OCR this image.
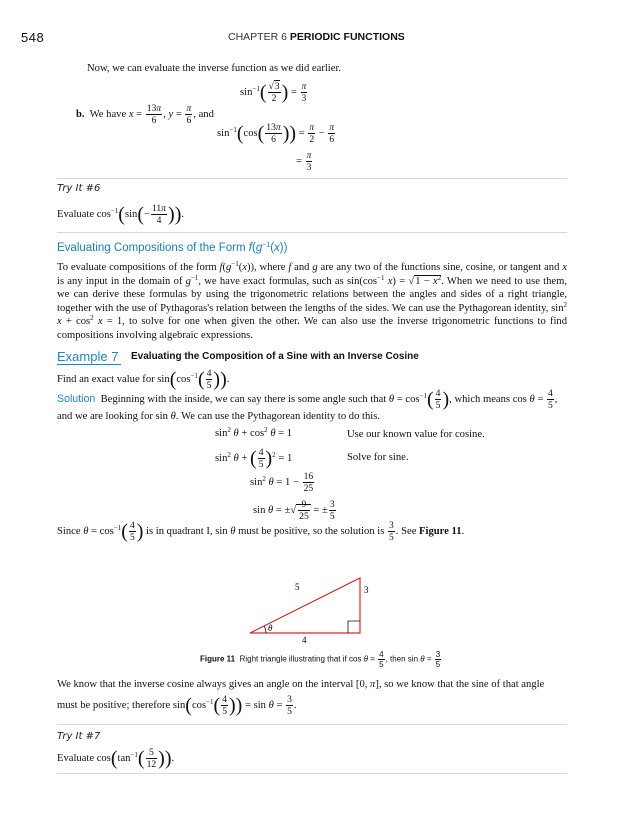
548	CHAPTER 6 PERIODIC FUNCTIONS
Now, we can evaluate the inverse function as we did earlier.
$\sin^{-1}( \frac{√3}{2}$ ) = $\frac{\pi}{3}$
b.  We have $x = \frac{13\pi}{6}$ , $y = \frac{\pi}{6}$ , and
$\sin^{-1}(\cos( \frac{13\pi}{6}$ )) = $\frac{\pi}{2} - \frac{\pi}{6}$
= $\frac{\pi}{3}$
Try It #6
Evaluate $\cos^{-1}(\sin(- \frac{11\pi}{4}$ )).
Evaluating Compositions of the Form $f(g^{-1}(x))$
To evaluate compositions of the form $f(g^{-1}(x))$, where f and g are any two of the functions sine, cosine, or tangent and x is any input in the domain of $g^{-1}$, we have exact formulas, such as $\sin(\cos^{-1}$ $x) = √1 - x^2$. When we need to use them, we can derive these formulas by using the trigonometric relations between the angles and sides of a right triangle, together with the use of Pythagoras's relation between the lengths of the sides. We can use the Pythagorean identity, $\sin^2 x + \cos^2 x = 1$, to solve for one when given the other. We can also use the inverse trigonometric functions to find compositions involving algebraic expressions.
Example 7 Evaluating the Composition of a Sine with an Inverse Cosine
Find an exact value for $\sin(\cos^{-1}( \frac{4}{5}$ )).
Solution  Beginning with the inside, we can say there is some angle such that $\theta = \cos^{-1}( \frac{4}{5}$ ), which means $\cos \theta = \frac{4}{5}$ ,
and we are looking for sin θ. We can use the Pythagorean identity to do this.
$\sin^2 \theta + \cos^2 \theta = 1$	Use our known value for cosine.
$\sin^2 \theta$ + ( $\frac{4}{5} )^2 = 1$	Solve for sine.
$\sin^2 \theta = 1 - \frac{16}{25}$
sin θ = ±√ $\frac{9}{25}$ = ± $\frac{3}{5}$
Since $\theta = \cos^{-1}( \frac{4}{5}$ ) is in quadrant I, sin θ must be positive, so the solution is $\frac{3}{5}$ . See Figure 11.
5	3
4
θ
Figure 11  Right triangle illustrating that if $\cos \theta = \frac{4}{5}$ , then $\sin \theta = \frac{3}{5}$
We know that the inverse cosine always gives an angle on the interval [0, π], so we know that the sine of that angle
must be positive; therefore $\sin(\cos^{-1}( \frac{4}{5}$ )) = $\sin \theta = \frac{3}{5}$ .
Try It #7
Evaluate $\cos(\tan^{-1}( \frac{5}{12}$ )).
